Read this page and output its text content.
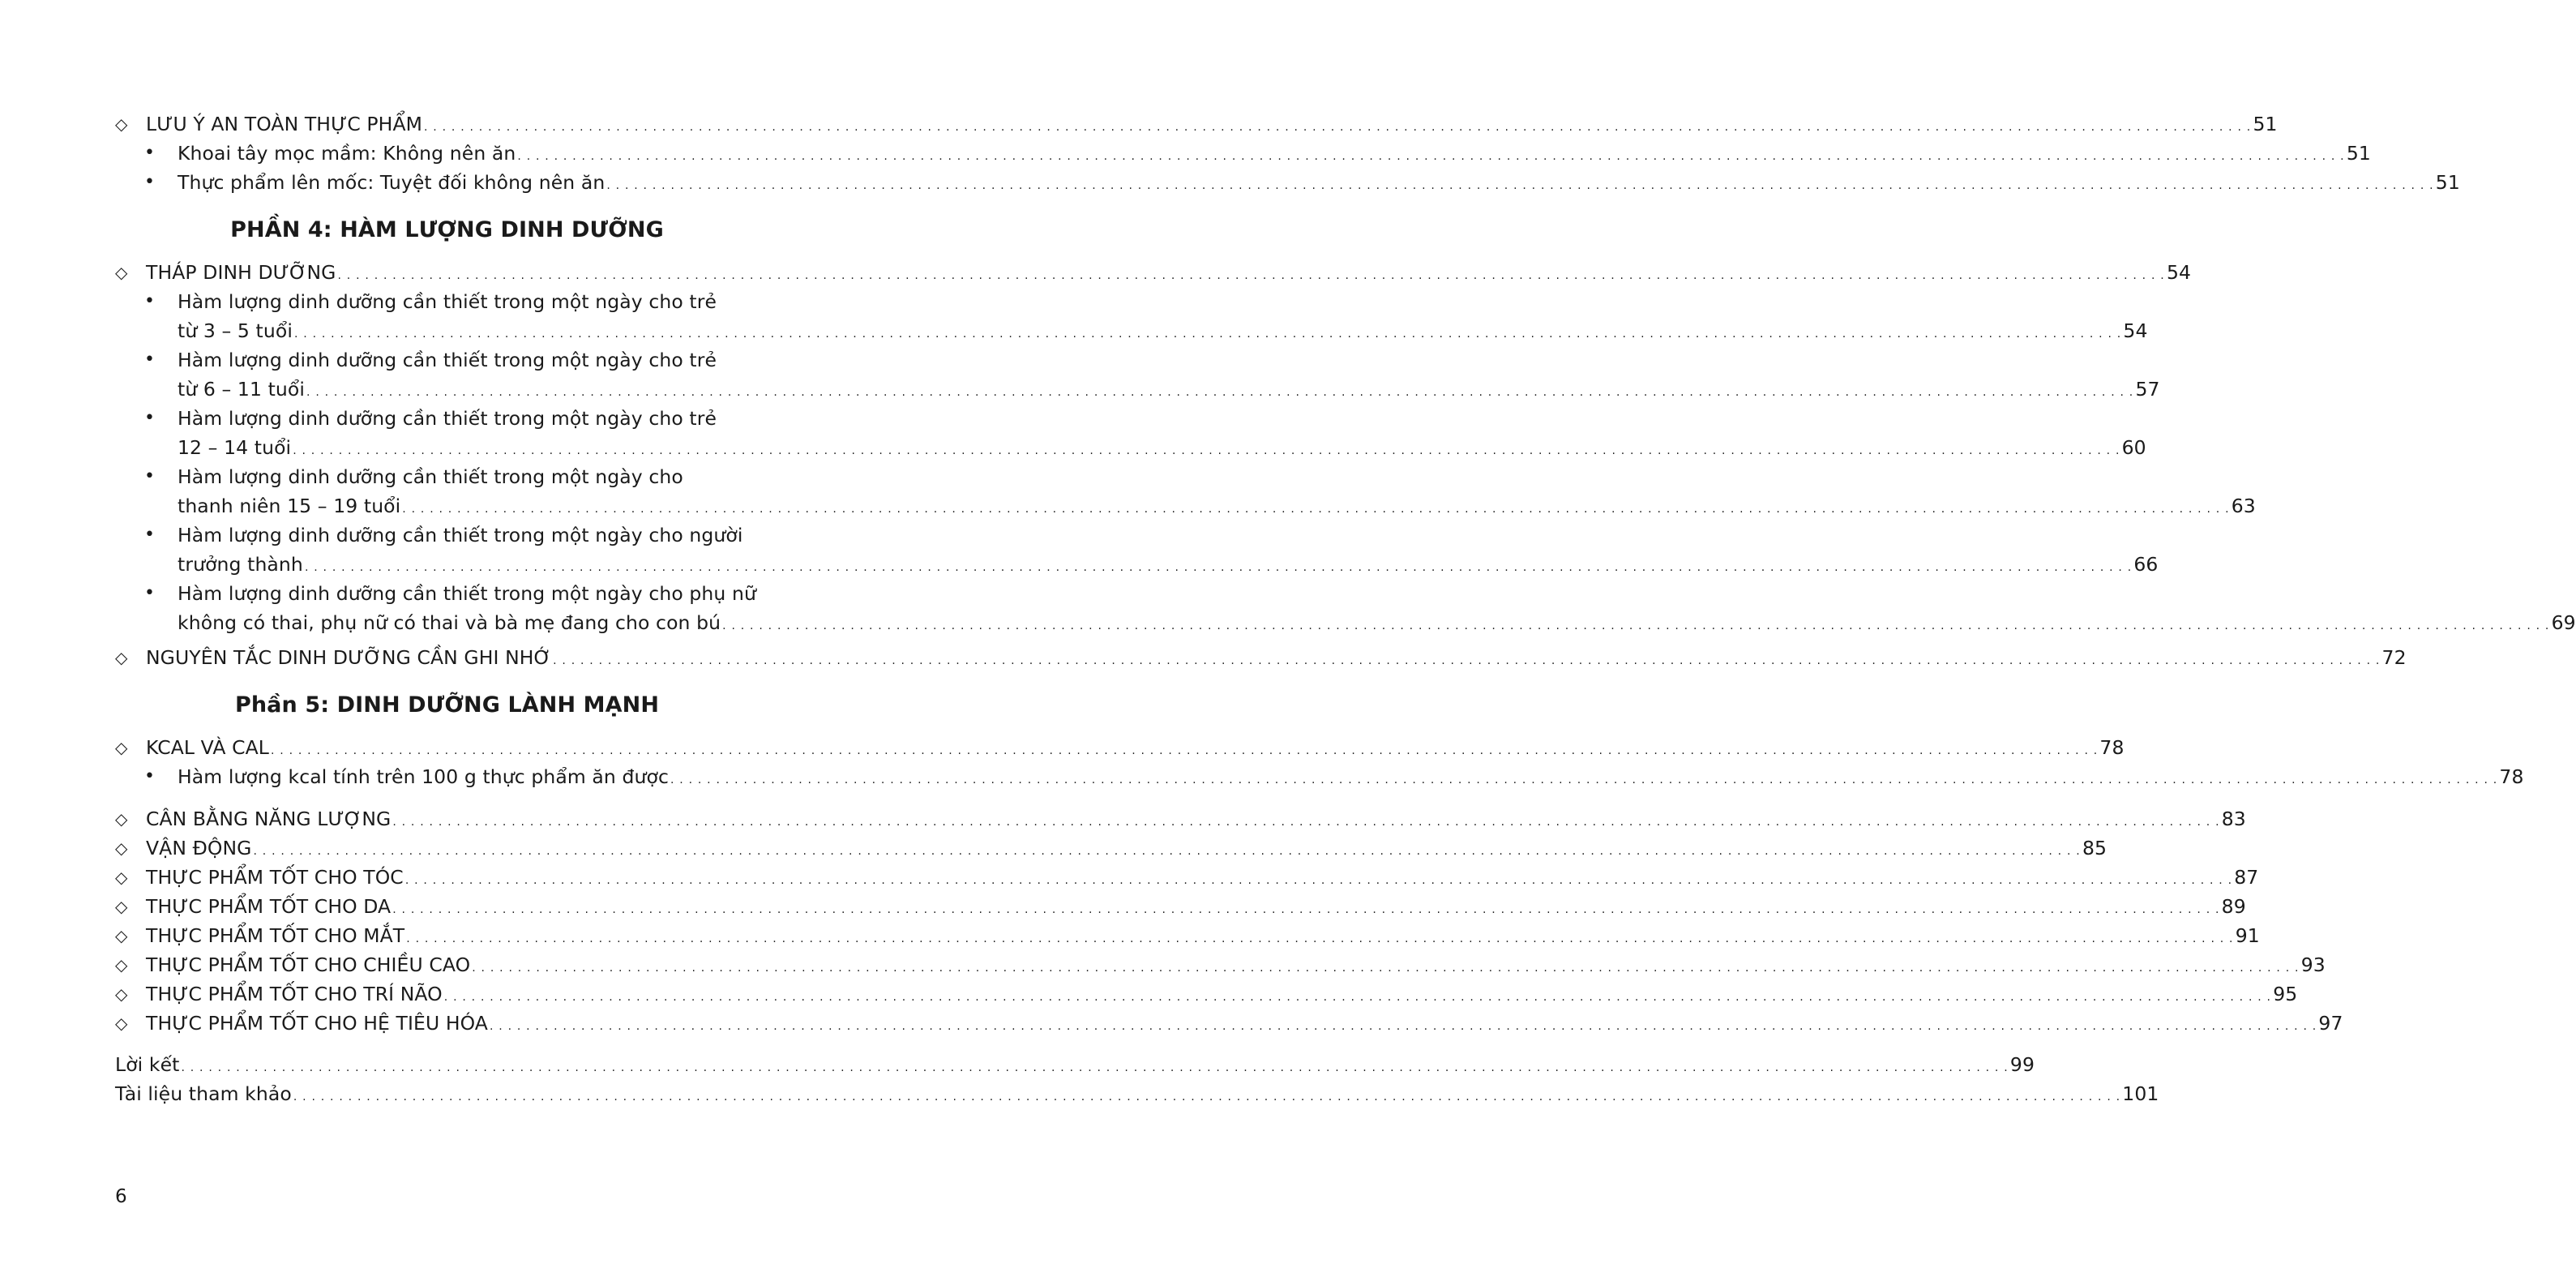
◇ LƯU Ý AN TOÀN THỰC PHẨM . . . . . . . . . . . . . . . . . . . . . . . . . . . . . . . . . . . . . . . . . . . . . . . . . . . . . . . . . . . . . . . . . . . . . . . . . . . . . . . . . . . . . . . . . . . . . . . . . . . . . . . . . . . . . . . . . . . . . . . . . . . . . . . . . . . . . . . . . . . . . . . . . . . . . . . . . . . . . . . . . . . . . . . . . . . . . . . . . . . . . . . . . . . . . . . . . . . . . . . . 51
• Khoai tây mọc mầm: Không nên ăn . . . . . . . . . . . . . . . . . . . . . . . . . . . . . . . . . . . . . . . . . . . . . . . . . . . . . . . . . . . . . . . . . . . . . . . . . . . . . . . . . . . . . . . . . . . . . . . . . . . . . . . . . . . . . . . . . . . . . . . . . . . . . . . . . . . . . . . . . . . . . . . . . . . . . . . . . . . . . . . . . . . . . . . . . . . . . . . . . . . . . . . . . . . . . . . . . . . . . . . . 51
• Thực phẩm lên mốc: Tuyệt đối không nên ăn . . . . . . . . . . . . . . . . . . . . . . . . . . . . . . . . . . . . . . . . . . . . . . . . . . . . . . . . . . . . . . . . . . . . . . . . . . . . . . . . . . . . . . . . . . . . . . . . . . . . . . . . . . . . . . . . . . . . . . . . . . . . . . . . . . . . . . . . . . . . . . . . . . . . . . . . . . . . . . . . . . . . . . . . . . . . . . . . . . . . . . . . . . . . . . . . . . . . . . . . 51
PHẦN 4: HÀM LƯỢNG DINH DƯỠNG
◇ THÁP DINH DƯỠNG . . . . . . . . . . . . . . . . . . . . . . . . . . . . . . . . . . . . . . . . . . . . . . . . . . . . . . . . . . . . . . . . . . . . . . . . . . . . . . . . . . . . . . . . . . . . . . . . . . . . . . . . . . . . . . . . . . . . . . . . . . . . . . . . . . . . . . . . . . . . . . . . . . . . . . . . . . . . . . . . . . . . . . . . . . . . . . . . . . . . . . . . . . . . . . . . . . . . . . . . 54
• Hàm lượng dinh dưỡng cần thiết trong một ngày cho trẻ
từ 3 – 5 tuổi . . . . . . . . . . . . . . . . . . . . . . . . . . . . . . . . . . . . . . . . . . . . . . . . . . . . . . . . . . . . . . . . . . . . . . . . . . . . . . . . . . . . . . . . . . . . . . . . . . . . . . . . . . . . . . . . . . . . . . . . . . . . . . . . . . . . . . . . . . . . . . . . . . . . . . . . . . . . . . . . . . . . . . . . . . . . . . . . . . . . . . . . . . . . . . . . . . . . . . . . 54
• Hàm lượng dinh dưỡng cần thiết trong một ngày cho trẻ
từ 6 – 11 tuổi . . . . . . . . . . . . . . . . . . . . . . . . . . . . . . . . . . . . . . . . . . . . . . . . . . . . . . . . . . . . . . . . . . . . . . . . . . . . . . . . . . . . . . . . . . . . . . . . . . . . . . . . . . . . . . . . . . . . . . . . . . . . . . . . . . . . . . . . . . . . . . . . . . . . . . . . . . . . . . . . . . . . . . . . . . . . . . . . . . . . . . . . . . . . . . . . . . . . . . . . 57
• Hàm lượng dinh dưỡng cần thiết trong một ngày cho trẻ
12 – 14 tuổi . . . . . . . . . . . . . . . . . . . . . . . . . . . . . . . . . . . . . . . . . . . . . . . . . . . . . . . . . . . . . . . . . . . . . . . . . . . . . . . . . . . . . . . . . . . . . . . . . . . . . . . . . . . . . . . . . . . . . . . . . . . . . . . . . . . . . . . . . . . . . . . . . . . . . . . . . . . . . . . . . . . . . . . . . . . . . . . . . . . . . . . . . . . . . . . . . . . . . . . . 60
• Hàm lượng dinh dưỡng cần thiết trong một ngày cho
thanh niên 15 – 19 tuổi . . . . . . . . . . . . . . . . . . . . . . . . . . . . . . . . . . . . . . . . . . . . . . . . . . . . . . . . . . . . . . . . . . . . . . . . . . . . . . . . . . . . . . . . . . . . . . . . . . . . . . . . . . . . . . . . . . . . . . . . . . . . . . . . . . . . . . . . . . . . . . . . . . . . . . . . . . . . . . . . . . . . . . . . . . . . . . . . . . . . . . . . . . . . . . . . . . . . . . . . 63
• Hàm lượng dinh dưỡng cần thiết trong một ngày cho người
trưởng thành . . . . . . . . . . . . . . . . . . . . . . . . . . . . . . . . . . . . . . . . . . . . . . . . . . . . . . . . . . . . . . . . . . . . . . . . . . . . . . . . . . . . . . . . . . . . . . . . . . . . . . . . . . . . . . . . . . . . . . . . . . . . . . . . . . . . . . . . . . . . . . . . . . . . . . . . . . . . . . . . . . . . . . . . . . . . . . . . . . . . . . . . . . . . . . . . . . . . . . . . 66
• Hàm lượng dinh dưỡng cần thiết trong một ngày cho phụ nữ
không có thai, phụ nữ có thai và bà mẹ đang cho con bú . . . . . . . . . . . . . . . . . . . . . . . . . . . . . . . . . . . . . . . . . . . . . . . . . . . . . . . . . . . . . . . . . . . . . . . . . . . . . . . . . . . . . . . . . . . . . . . . . . . . . . . . . . . . . . . . . . . . . . . . . . . . . . . . . . . . . . . . . . . . . . . . . . . . . . . . . . . . . . . . . . . . . . . . . . . . . . . . . . . . . . . . . . . . . . . . . . . . . . . . 69
◇ NGUYÊN TẮC DINH DƯỠNG CẦN GHI NHỚ . . . . . . . . . . . . . . . . . . . . . . . . . . . . . . . . . . . . . . . . . . . . . . . . . . . . . . . . . . . . . . . . . . . . . . . . . . . . . . . . . . . . . . . . . . . . . . . . . . . . . . . . . . . . . . . . . . . . . . . . . . . . . . . . . . . . . . . . . . . . . . . . . . . . . . . . . . . . . . . . . . . . . . . . . . . . . . . . . . . . . . . . . . . . . . . . . . . . . . . . 72
Phần 5: DINH DƯỠNG LÀNH MẠNH
◇ KCAL VÀ CAL . . . . . . . . . . . . . . . . . . . . . . . . . . . . . . . . . . . . . . . . . . . . . . . . . . . . . . . . . . . . . . . . . . . . . . . . . . . . . . . . . . . . . . . . . . . . . . . . . . . . . . . . . . . . . . . . . . . . . . . . . . . . . . . . . . . . . . . . . . . . . . . . . . . . . . . . . . . . . . . . . . . . . . . . . . . . . . . . . . . . . . . . . . . . . . . . . . . . . . . . 78
• Hàm lượng kcal tính trên 100 g thực phẩm ăn được . . . . . . . . . . . . . . . . . . . . . . . . . . . . . . . . . . . . . . . . . . . . . . . . . . . . . . . . . . . . . . . . . . . . . . . . . . . . . . . . . . . . . . . . . . . . . . . . . . . . . . . . . . . . . . . . . . . . . . . . . . . . . . . . . . . . . . . . . . . . . . . . . . . . . . . . . . . . . . . . . . . . . . . . . . . . . . . . . . . . . . . . . . . . . . . . . . . . . . . . 78
◇ CÂN BẰNG NĂNG LƯỢNG . . . . . . . . . . . . . . . . . . . . . . . . . . . . . . . . . . . . . . . . . . . . . . . . . . . . . . . . . . . . . . . . . . . . . . . . . . . . . . . . . . . . . . . . . . . . . . . . . . . . . . . . . . . . . . . . . . . . . . . . . . . . . . . . . . . . . . . . . . . . . . . . . . . . . . . . . . . . . . . . . . . . . . . . . . . . . . . . . . . . . . . . . . . . . . . . . . . . . . . . 83
◇ VẬN ĐỘNG . . . . . . . . . . . . . . . . . . . . . . . . . . . . . . . . . . . . . . . . . . . . . . . . . . . . . . . . . . . . . . . . . . . . . . . . . . . . . . . . . . . . . . . . . . . . . . . . . . . . . . . . . . . . . . . . . . . . . . . . . . . . . . . . . . . . . . . . . . . . . . . . . . . . . . . . . . . . . . . . . . . . . . . . . . . . . . . . . . . . . . . . . . . . . . . . . . . . . . . . 85
◇ THỰC PHẨM TỐT CHO TÓC . . . . . . . . . . . . . . . . . . . . . . . . . . . . . . . . . . . . . . . . . . . . . . . . . . . . . . . . . . . . . . . . . . . . . . . . . . . . . . . . . . . . . . . . . . . . . . . . . . . . . . . . . . . . . . . . . . . . . . . . . . . . . . . . . . . . . . . . . . . . . . . . . . . . . . . . . . . . . . . . . . . . . . . . . . . . . . . . . . . . . . . . . . . . . . . . . . . . . . . . 87
◇ THỰC PHẨM TỐT CHO DA . . . . . . . . . . . . . . . . . . . . . . . . . . . . . . . . . . . . . . . . . . . . . . . . . . . . . . . . . . . . . . . . . . . . . . . . . . . . . . . . . . . . . . . . . . . . . . . . . . . . . . . . . . . . . . . . . . . . . . . . . . . . . . . . . . . . . . . . . . . . . . . . . . . . . . . . . . . . . . . . . . . . . . . . . . . . . . . . . . . . . . . . . . . . . . . . . . . . . . . . 89
◇ THỰC PHẨM TỐT CHO MẮT . . . . . . . . . . . . . . . . . . . . . . . . . . . . . . . . . . . . . . . . . . . . . . . . . . . . . . . . . . . . . . . . . . . . . . . . . . . . . . . . . . . . . . . . . . . . . . . . . . . . . . . . . . . . . . . . . . . . . . . . . . . . . . . . . . . . . . . . . . . . . . . . . . . . . . . . . . . . . . . . . . . . . . . . . . . . . . . . . . . . . . . . . . . . . . . . . . . . . . . . 91
◇ THỰC PHẨM TỐT CHO CHIỀU CAO . . . . . . . . . . . . . . . . . . . . . . . . . . . . . . . . . . . . . . . . . . . . . . . . . . . . . . . . . . . . . . . . . . . . . . . . . . . . . . . . . . . . . . . . . . . . . . . . . . . . . . . . . . . . . . . . . . . . . . . . . . . . . . . . . . . . . . . . . . . . . . . . . . . . . . . . . . . . . . . . . . . . . . . . . . . . . . . . . . . . . . . . . . . . . . . . . . . . . . . . 93
◇ THỰC PHẨM TỐT CHO TRÍ NÃO . . . . . . . . . . . . . . . . . . . . . . . . . . . . . . . . . . . . . . . . . . . . . . . . . . . . . . . . . . . . . . . . . . . . . . . . . . . . . . . . . . . . . . . . . . . . . . . . . . . . . . . . . . . . . . . . . . . . . . . . . . . . . . . . . . . . . . . . . . . . . . . . . . . . . . . . . . . . . . . . . . . . . . . . . . . . . . . . . . . . . . . . . . . . . . . . . . . . . . . . 95
◇ THỰC PHẨM TỐT CHO HỆ TIÊU HÓA . . . . . . . . . . . . . . . . . . . . . . . . . . . . . . . . . . . . . . . . . . . . . . . . . . . . . . . . . . . . . . . . . . . . . . . . . . . . . . . . . . . . . . . . . . . . . . . . . . . . . . . . . . . . . . . . . . . . . . . . . . . . . . . . . . . . . . . . . . . . . . . . . . . . . . . . . . . . . . . . . . . . . . . . . . . . . . . . . . . . . . . . . . . . . . . . . . . . . . . . 97
Lời kết . . . . . . . . . . . . . . . . . . . . . . . . . . . . . . . . . . . . . . . . . . . . . . . . . . . . . . . . . . . . . . . . . . . . . . . . . . . . . . . . . . . . . . . . . . . . . . . . . . . . . . . . . . . . . . . . . . . . . . . . . . . . . . . . . . . . . . . . . . . . . . . . . . . . . . . . . . . . . . . . . . . . . . . . . . . . . . . . . . . . . . . . . . . . . . . . . . . . . . . . 99
Tài liệu tham khảo . . . . . . . . . . . . . . . . . . . . . . . . . . . . . . . . . . . . . . . . . . . . . . . . . . . . . . . . . . . . . . . . . . . . . . . . . . . . . . . . . . . . . . . . . . . . . . . . . . . . . . . . . . . . . . . . . . . . . . . . . . . . . . . . . . . . . . . . . . . . . . . . . . . . . . . . . . . . . . . . . . . . . . . . . . . . . . . . . . . . . . . . . . . . . . . . . . . . . . . . 101
6
